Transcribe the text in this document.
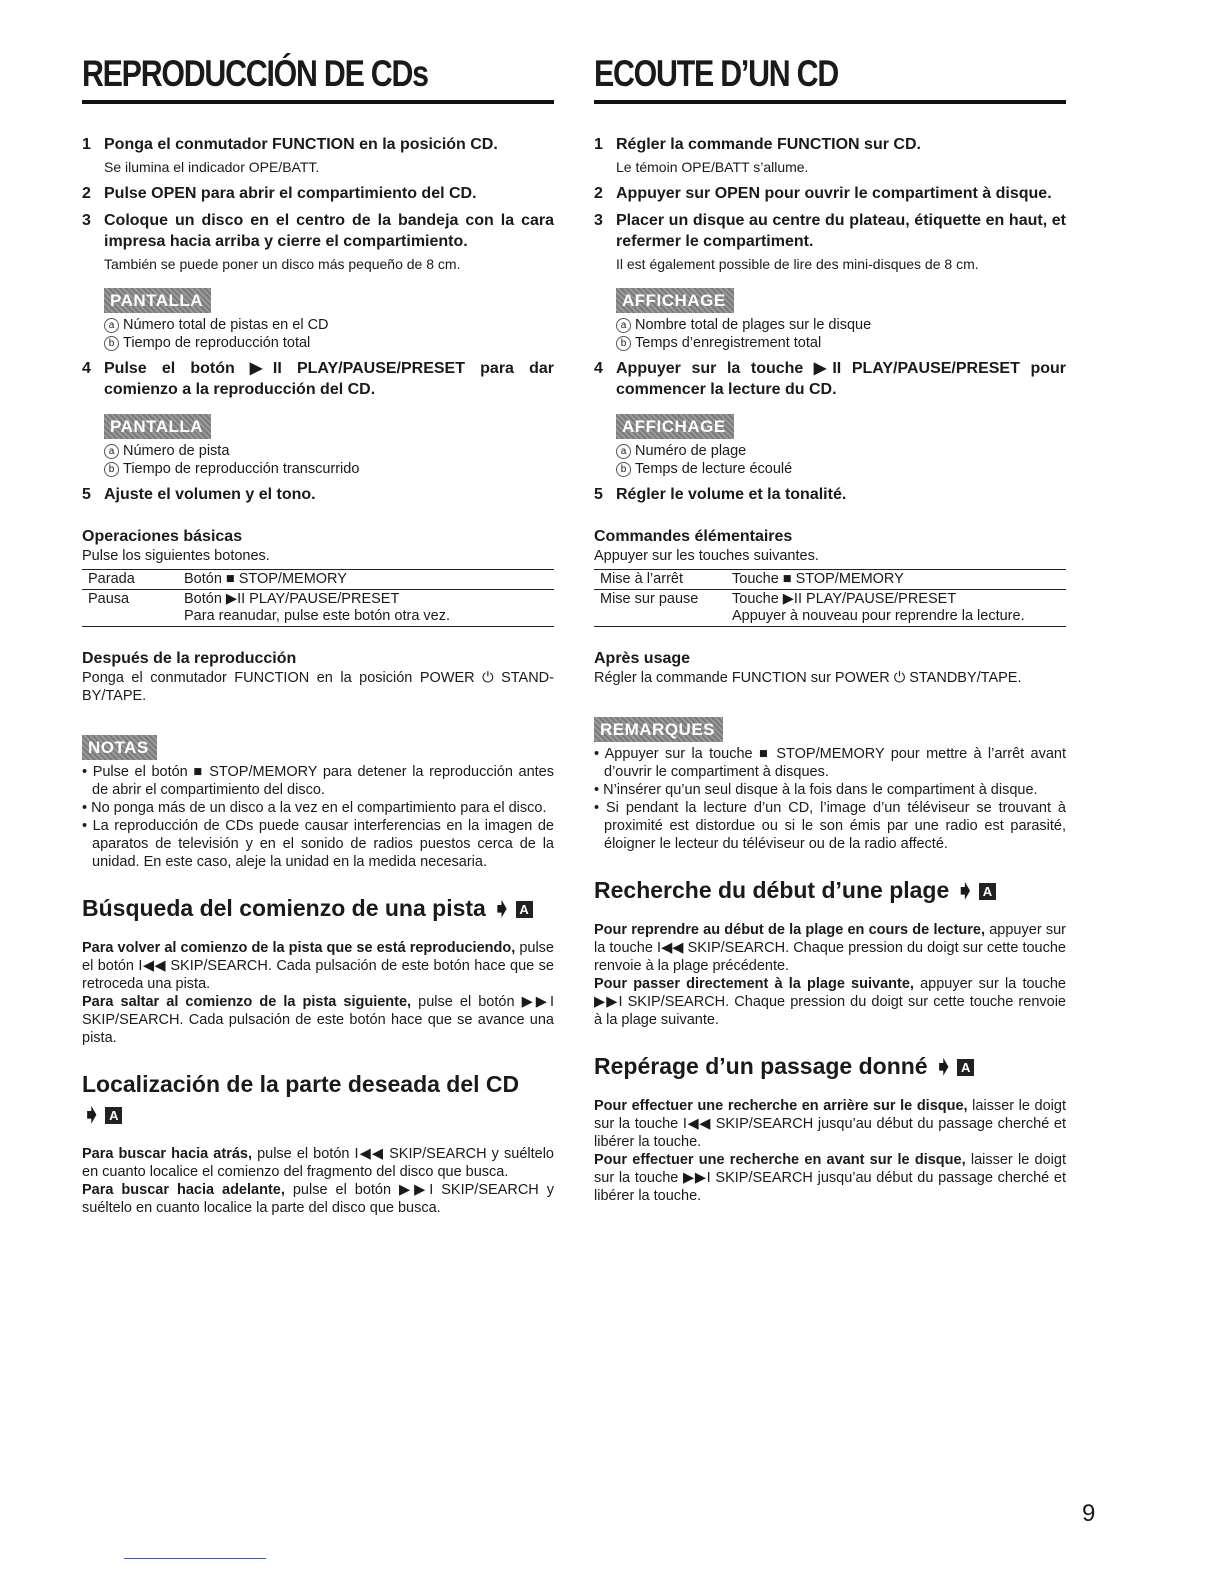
REPRODUCCIÓN DE CDs
1 Ponga el conmutador FUNCTION en la posición CD.
Se ilumina el indicador OPE/BATT.
2 Pulse OPEN para abrir el compartimiento del CD.
3 Coloque un disco en el centro de la bandeja con la cara impresa hacia arriba y cierre el compartimiento.
También se puede poner un disco más pequeño de 8 cm.
PANTALLA
a Número total de pistas en el CD
b Tiempo de reproducción total
4 Pulse el botón ▶II PLAY/PAUSE/PRESET para dar comienzo a la reproducción del CD.
PANTALLA
a Número de pista
b Tiempo de reproducción transcurrido
5 Ajuste el volumen y el tono.
Operaciones básicas
Pulse los siguientes botones.
Parada	Botón ■ STOP/MEMORY
Pausa	Botón ▶II PLAY/PAUSE/PRESET
Para reanudar, pulse este botón otra vez.
Después de la reproducción
Ponga el conmutador FUNCTION en la posición POWER ⏻ STAND-BY/TAPE.
NOTAS
• Pulse el botón ■ STOP/MEMORY para detener la reproducción antes de abrir el compartimiento del disco.
• No ponga más de un disco a la vez en el compartimiento para el disco.
• La reproducción de CDs puede causar interferencias en la imagen de aparatos de televisión y en el sonido de radios puestos cerca de la unidad. En este caso, aleje la unidad en la medida necesaria.
Búsqueda del comienzo de una pista ➧ A
Para volver al comienzo de la pista que se está reproduciendo, pulse el botón I◀◀ SKIP/SEARCH. Cada pulsación de este botón hace que se retroceda una pista.
Para saltar al comienzo de la pista siguiente, pulse el botón ▶▶I SKIP/SEARCH. Cada pulsación de este botón hace que se avance una pista.
Localización de la parte deseada del CD
➧ A
Para buscar hacia atrás, pulse el botón I◀◀ SKIP/SEARCH y suéltelo en cuanto localice el comienzo del fragmento del disco que busca.
Para buscar hacia adelante, pulse el botón ▶▶I SKIP/SEARCH y suéltelo en cuanto localice la parte del disco que busca.
ECOUTE D’UN CD
1 Régler la commande FUNCTION sur CD.
Le témoin OPE/BATT s’allume.
2 Appuyer sur OPEN pour ouvrir le compartiment à disque.
3 Placer un disque au centre du plateau, étiquette en haut, et refermer le compartiment.
Il est également possible de lire des mini-disques de 8 cm.
AFFICHAGE
a Nombre total de plages sur le disque
b Temps d’enregistrement total
4 Appuyer sur la touche ▶II PLAY/PAUSE/PRESET pour commencer la lecture du CD.
AFFICHAGE
a Numéro de plage
b Temps de lecture écoulé
5 Régler le volume et la tonalité.
Commandes élémentaires
Appuyer sur les touches suivantes.
Mise à l’arrêt	Touche ■ STOP/MEMORY
Mise sur pause	Touche ▶II PLAY/PAUSE/PRESET
Appuyer à nouveau pour reprendre la lecture.
Après usage
Régler la commande FUNCTION sur POWER ⏻ STANDBY/TAPE.
REMARQUES
• Appuyer sur la touche ■ STOP/MEMORY pour mettre à l’arrêt avant d’ouvrir le compartiment à disques.
• N’insérer qu’un seul disque à la fois dans le compartiment à disque.
• Si pendant la lecture d’un CD, l’image d’un téléviseur se trouvant à proximité est distordue ou si le son émis par une radio est parasité, éloigner le lecteur du téléviseur ou de la radio affecté.
Recherche du début d’une plage ➧ A
Pour reprendre au début de la plage en cours de lecture, appuyer sur la touche I◀◀ SKIP/SEARCH. Chaque pression du doigt sur cette touche renvoie à la plage précédente.
Pour passer directement à la plage suivante, appuyer sur la touche ▶▶I SKIP/SEARCH. Chaque pression du doigt sur cette touche renvoie à la plage suivante.
Repérage d’un passage donné ➧ A
Pour effectuer une recherche en arrière sur le disque, laisser le doigt sur la touche I◀◀ SKIP/SEARCH jusqu’au début du passage cherché et libérer la touche.
Pour effectuer une recherche en avant sur le disque, laisser le doigt sur la touche ▶▶I SKIP/SEARCH jusqu’au début du passage cherché et libérer la touche.
9
